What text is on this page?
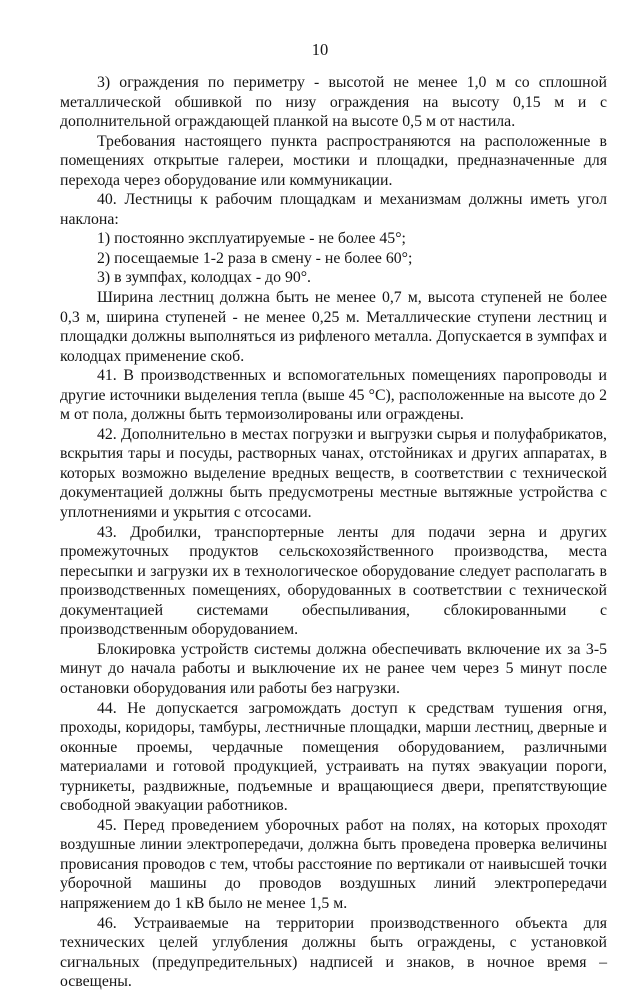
10

3) ограждения по периметру - высотой не менее 1,0 м со сплошной металлической обшивкой по низу ограждения на высоту 0,15 м и с дополнительной ограждающей планкой на высоте 0,5 м от настила.

Требования настоящего пункта распространяются на расположенные в помещениях открытые галереи, мостики и площадки, предназначенные для перехода через оборудование или коммуникации.

40. Лестницы к рабочим площадкам и механизмам должны иметь угол наклона:

1) постоянно эксплуатируемые - не более 45°;

2) посещаемые 1-2 раза в смену - не более 60°;

3) в зумпфах, колодцах - до 90°.

Ширина лестниц должна быть не менее 0,7 м, высота ступеней не более 0,3 м, ширина ступеней - не менее 0,25 м. Металлические ступени лестниц и площадки должны выполняться из рифленого металла. Допускается в зумпфах и колодцах применение скоб.

41. В производственных и вспомогательных помещениях паропроводы и другие источники выделения тепла (выше 45 °С), расположенные на высоте до 2 м от пола, должны быть термоизолированы или ограждены.

42. Дополнительно в местах погрузки и выгрузки сырья и полуфабрикатов, вскрытия тары и посуды, растворных чанах, отстойниках и других аппаратах, в которых возможно выделение вредных веществ, в соответствии с технической документацией должны быть предусмотрены местные вытяжные устройства с уплотнениями и укрытия с отсосами.

43. Дробилки, транспортерные ленты для подачи зерна и других промежуточных продуктов сельскохозяйственного производства, места пересыпки и загрузки их в технологическое оборудование следует располагать в производственных помещениях, оборудованных в соответствии с технической документацией системами обеспыливания, сблокированными с производственным оборудованием.

Блокировка устройств системы должна обеспечивать включение их за 3-5 минут до начала работы и выключение их не ранее чем через 5 минут после остановки оборудования или работы без нагрузки.

44. Не допускается загромождать доступ к средствам тушения огня, проходы, коридоры, тамбуры, лестничные площадки, марши лестниц, дверные и оконные проемы, чердачные помещения оборудованием, различными материалами и готовой продукцией, устраивать на путях эвакуации пороги, турникеты, раздвижные, подъемные и вращающиеся двери, препятствующие свободной эвакуации работников.

45. Перед проведением уборочных работ на полях, на которых проходят воздушные линии электропередачи, должна быть проведена проверка величины провисания проводов с тем, чтобы расстояние по вертикали от наивысшей точки уборочной машины до проводов воздушных линий электропередачи напряжением до 1 кВ было не менее 1,5 м.

46. Устраиваемые на территории производственного объекта для технических целей углубления должны быть ограждены, с установкой сигнальных (предупредительных) надписей и знаков, в ночное время – освещены.
